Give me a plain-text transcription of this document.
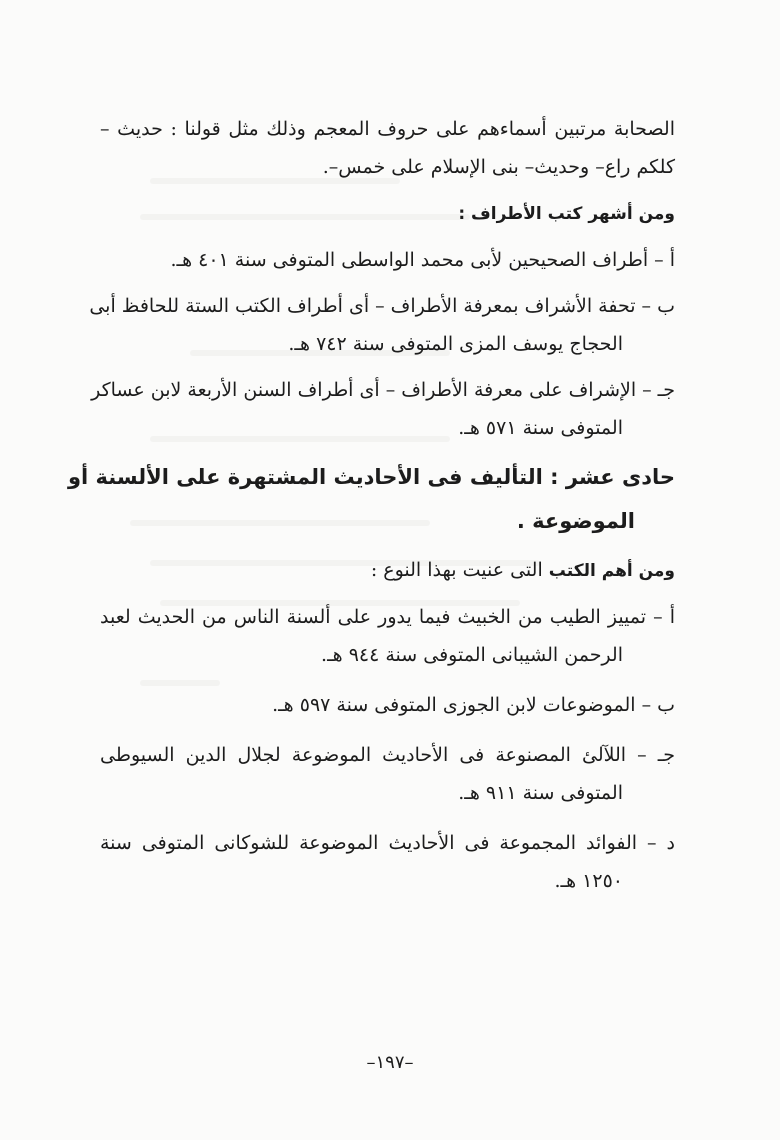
الصحابة مرتبين أسماءهم على حروف المعجم وذلك مثل قولنا : حديث –
كلكم راع– وحديث– بنى الإسلام على خمس–.
ومن أشهر كتب الأطراف :
أ – أطراف الصحيحين لأبى محمد الواسطى المتوفى سنة ٤٠١ هـ.
ب – تحفة الأشراف بمعرفة الأطراف – أى أطراف الكتب الستة للحافظ أبى
الحجاج يوسف المزى المتوفى سنة ٧٤٢ هـ.
جـ – الإشراف على معرفة الأطراف – أى أطراف السنن الأربعة لابن عساكر
المتوفى سنة ٥٧١ هـ.
حادى عشر : التأليف فى الأحاديث المشتهرة على الألسنة أو
الموضوعة .
ومن أهم الكتب التى عنيت بهذا النوع :
أ – تمييز الطيب من الخبيث فيما يدور على ألسنة الناس من الحديث لعبد
الرحمن الشيبانى المتوفى سنة ٩٤٤ هـ.
ب – الموضوعات لابن الجوزى المتوفى سنة ٥٩٧ هـ.
جـ – اللآلئ المصنوعة فى الأحاديث الموضوعة لجلال الدين السيوطى
المتوفى سنة ٩١١ هـ.
د – الفوائد المجموعة فى الأحاديث الموضوعة للشوكانى المتوفى سنة
١٢٥٠ هـ.
–١٩٧–
